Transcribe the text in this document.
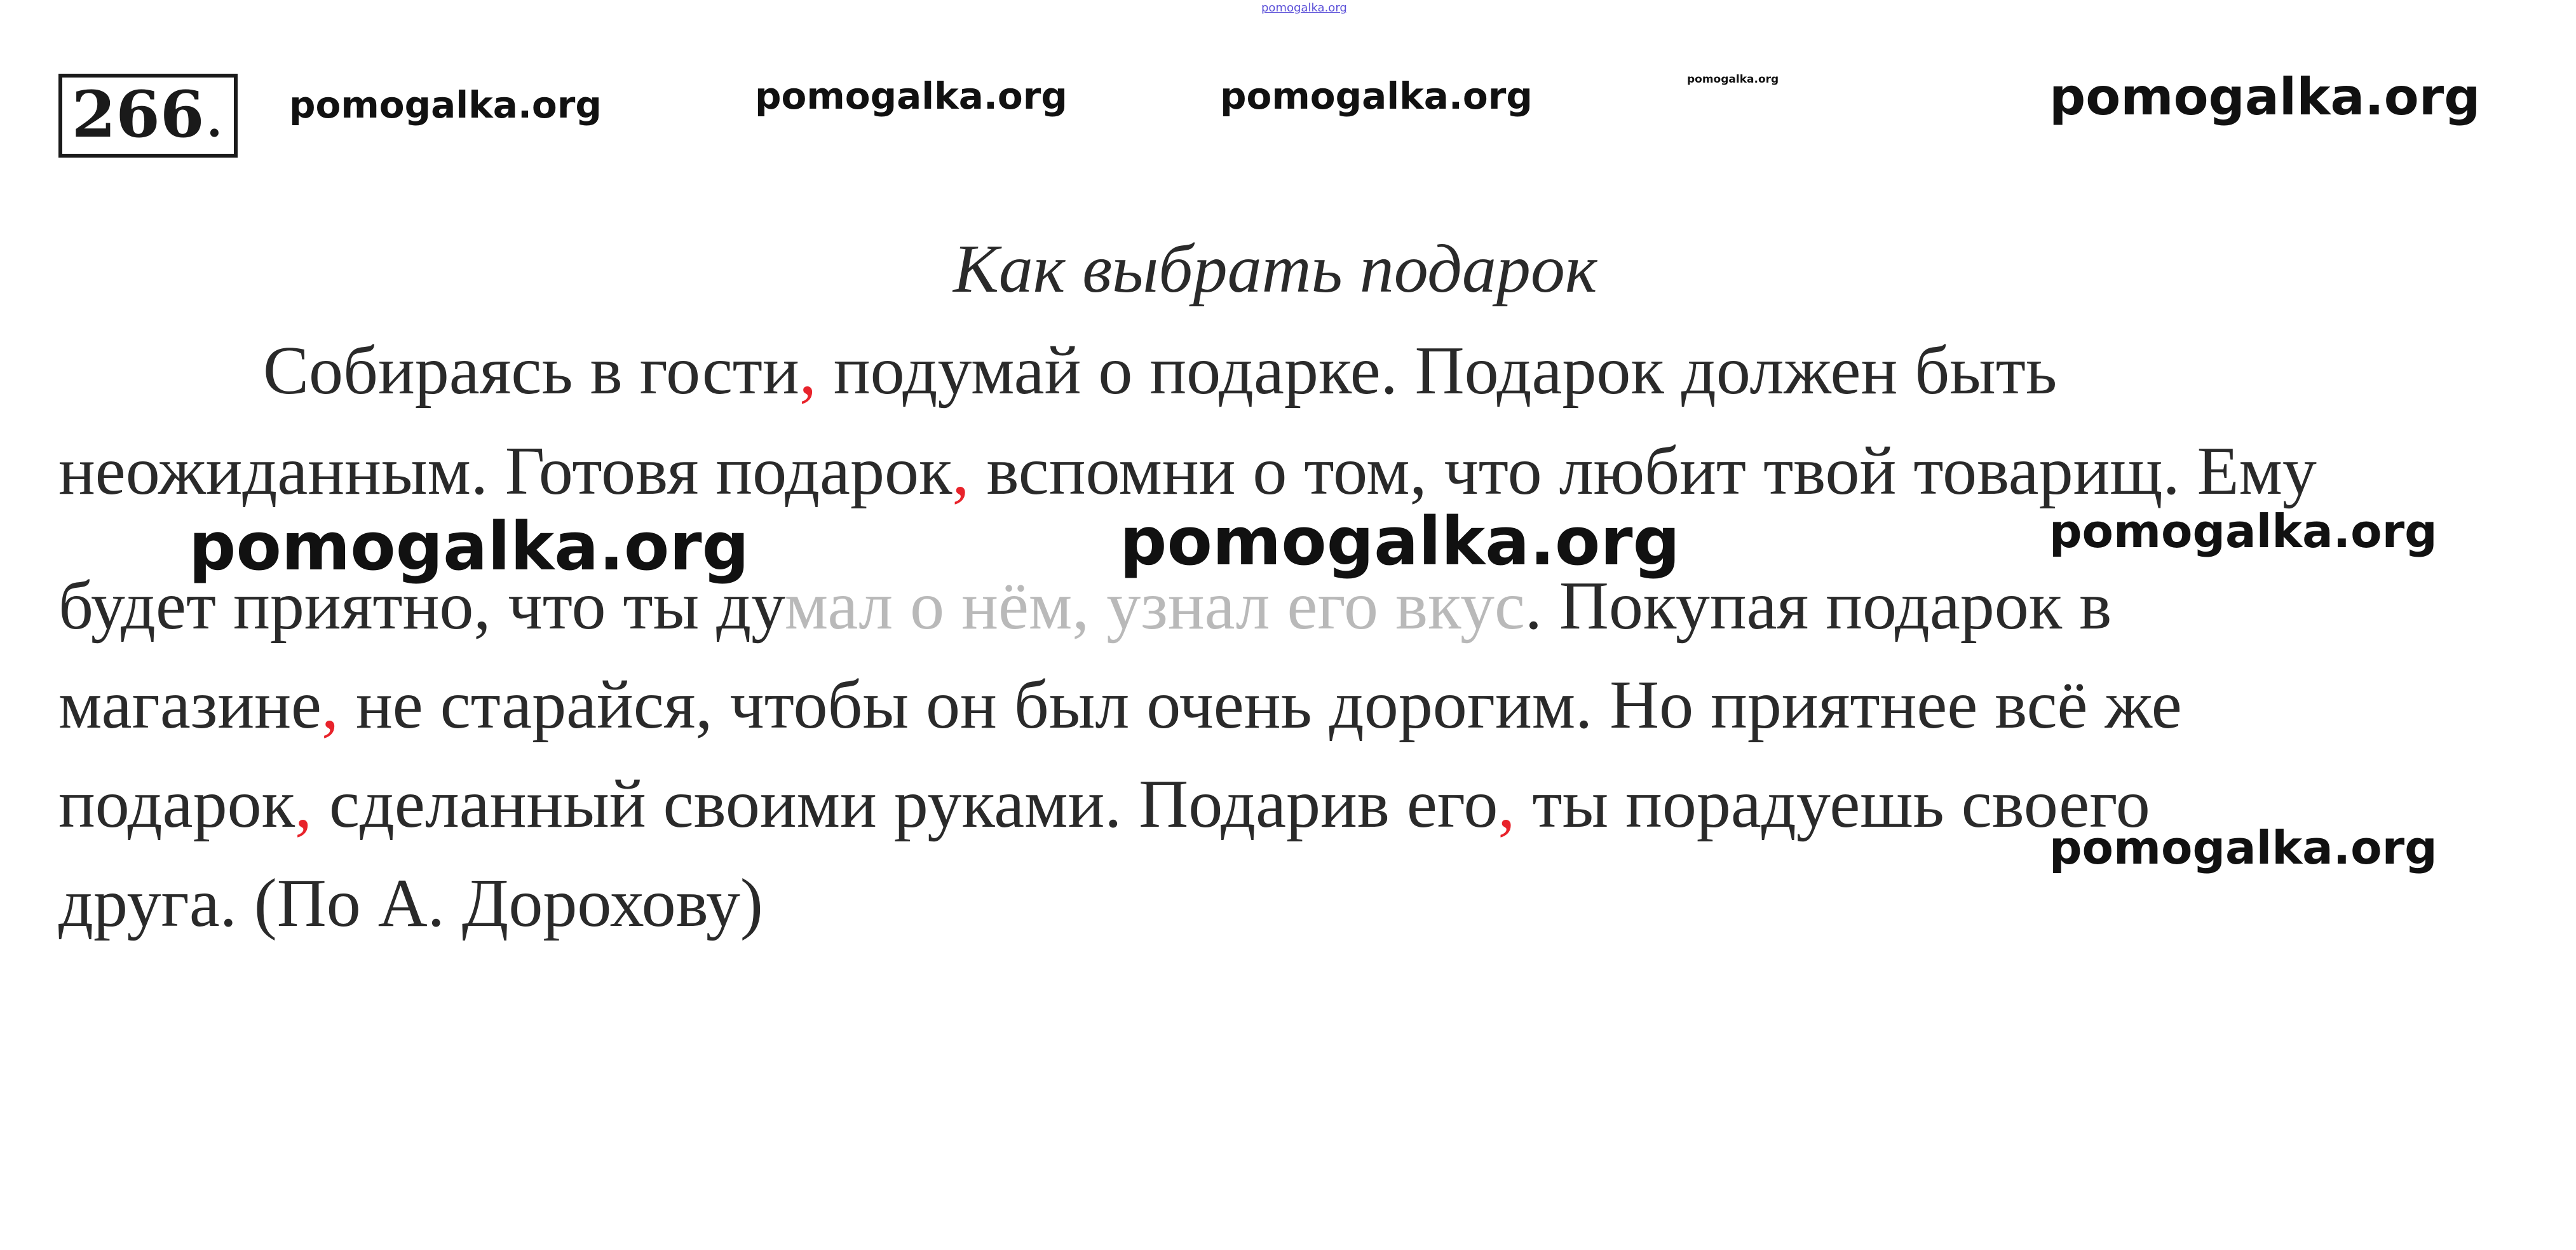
pomogalka.org
266 . pomogalka.org	pomogalka.org	pomogalka.org	pomogalka.org	pomogalka.org
Как выбрать подарок
Собираясь в гости, подумай о подарке. Подарок должен быть
неожиданным. Готовя подарок, вспомни о том, что любит твой товарищ. Ему
будет приятно, что ты думал о нём, узнал его вкус. Покупая подарок в
магазине, не старайся, чтобы он был очень дорогим. Но приятнее всё же
подарок, сделанный своими руками. Подарив его, ты порадуешь своего
друга. (По А. Дорохову)
pomogalka.org	pomogalka.org	pomogalka.org
pomogalka.org
